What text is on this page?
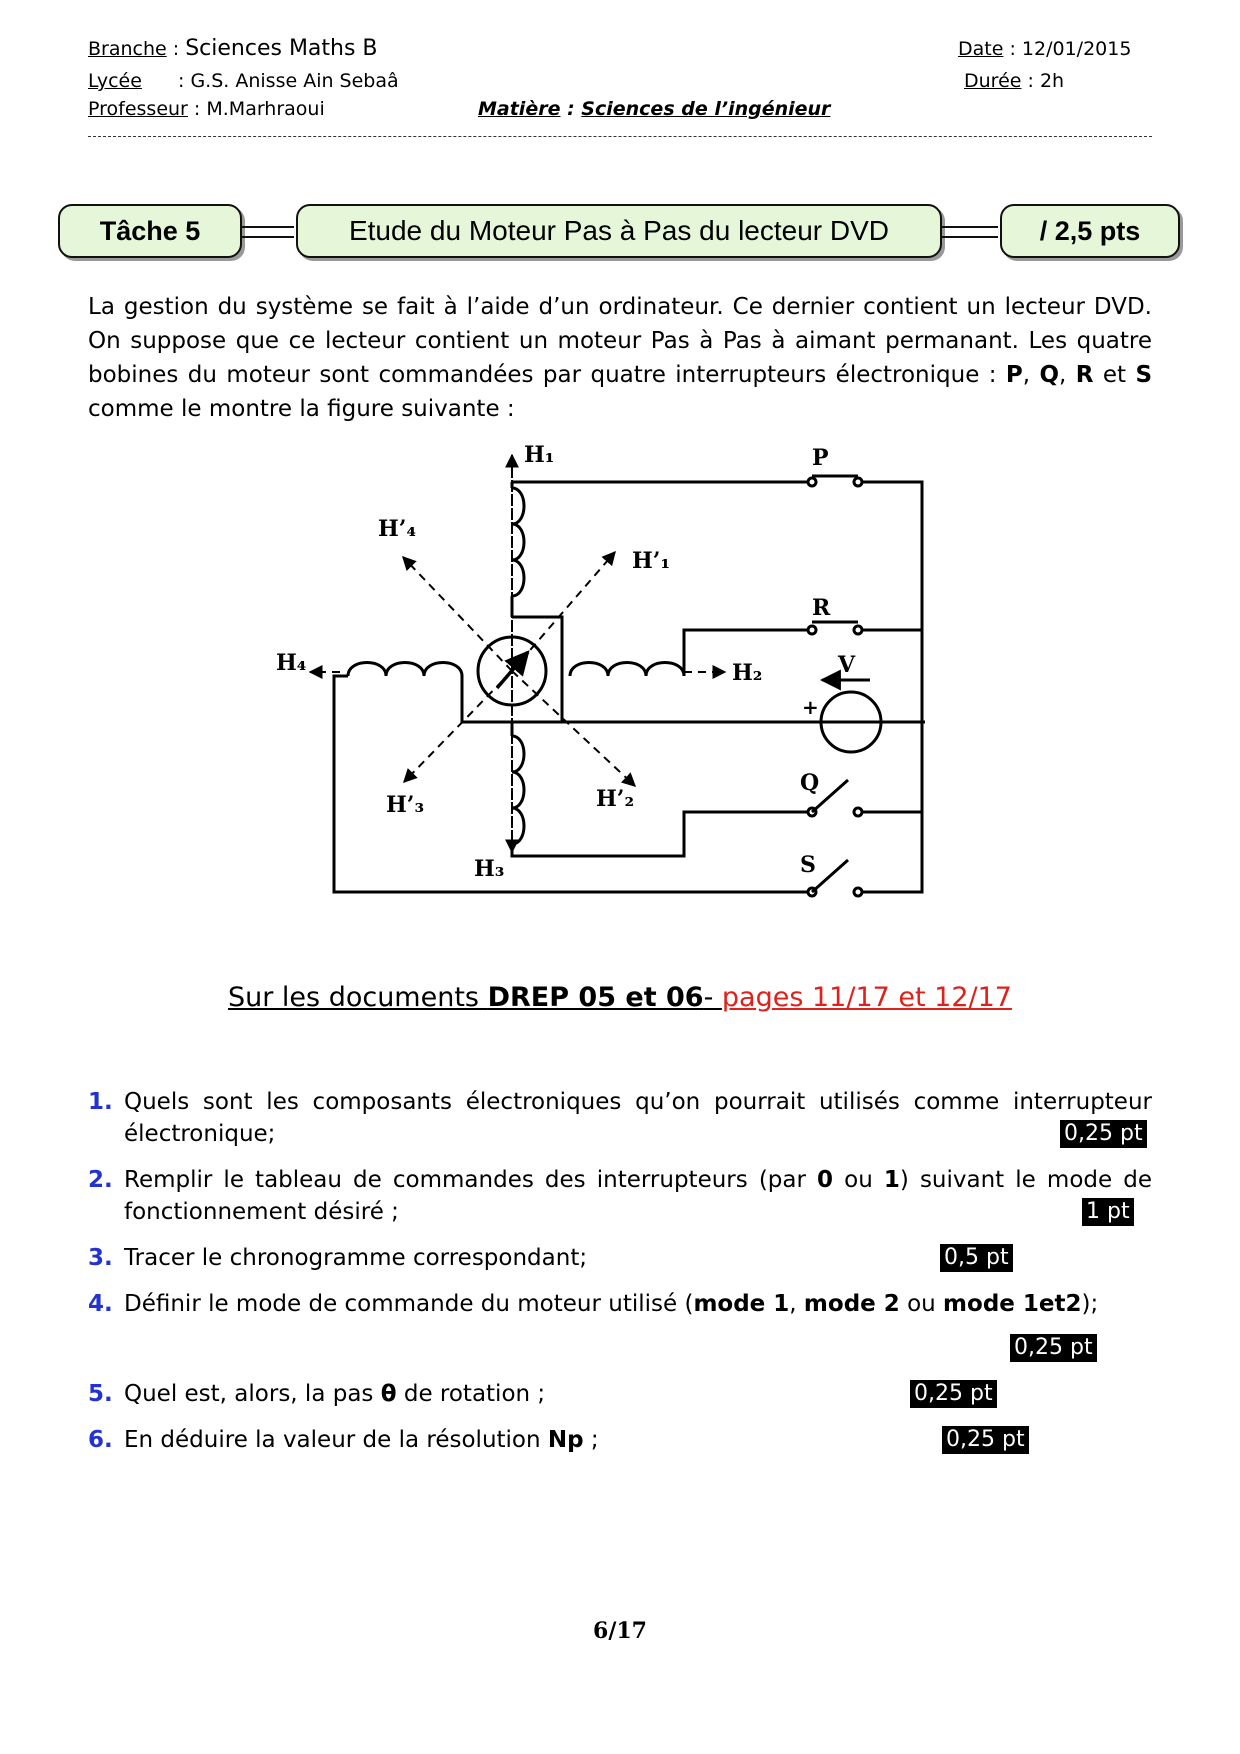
Branche : Sciences Maths B
Lycée : G.S. Anisse Ain Sebaâ
Professeur : M.Marhraoui	Matière : Sciences de l’ingénieur
Date : 12/01/2015
Durée : 2h
Tâche 5	Etude du Moteur Pas à Pas du lecteur DVD	/ 2,5 pts
La gestion du système se fait à l’aide d’un ordinateur. Ce dernier contient un lecteur DVD. On suppose que ce lecteur contient un moteur Pas à Pas à aimant permanant. Les quatre bobines du moteur sont commandées par quatre interrupteurs électronique : P, Q, R et S comme le montre la figure suivante :
H₁
H₂
H₃
H₄
H’₁
H’₂
H’₃
H’₄
P
R
Q
S
V
+
Sur les documents DREP 05 et 06- pages 11/17 et 12/17
1. Quels sont les composants électroniques qu’on pourrait utilisés comme interrupteur
électronique;	0,25 pt
2. Remplir le tableau de commandes des interrupteurs (par 0 ou 1) suivant le mode de
fonctionnement désiré ;	1 pt
3. Tracer le chronogramme correspondant;	0,5 pt
4. Définir le mode de commande du moteur utilisé (mode 1, mode 2 ou mode 1et2);
0,25 pt
5. Quel est, alors, la pas θ de rotation ;	0,25 pt
6. En déduire la valeur de la résolution Np ;	0,25 pt
6/17
